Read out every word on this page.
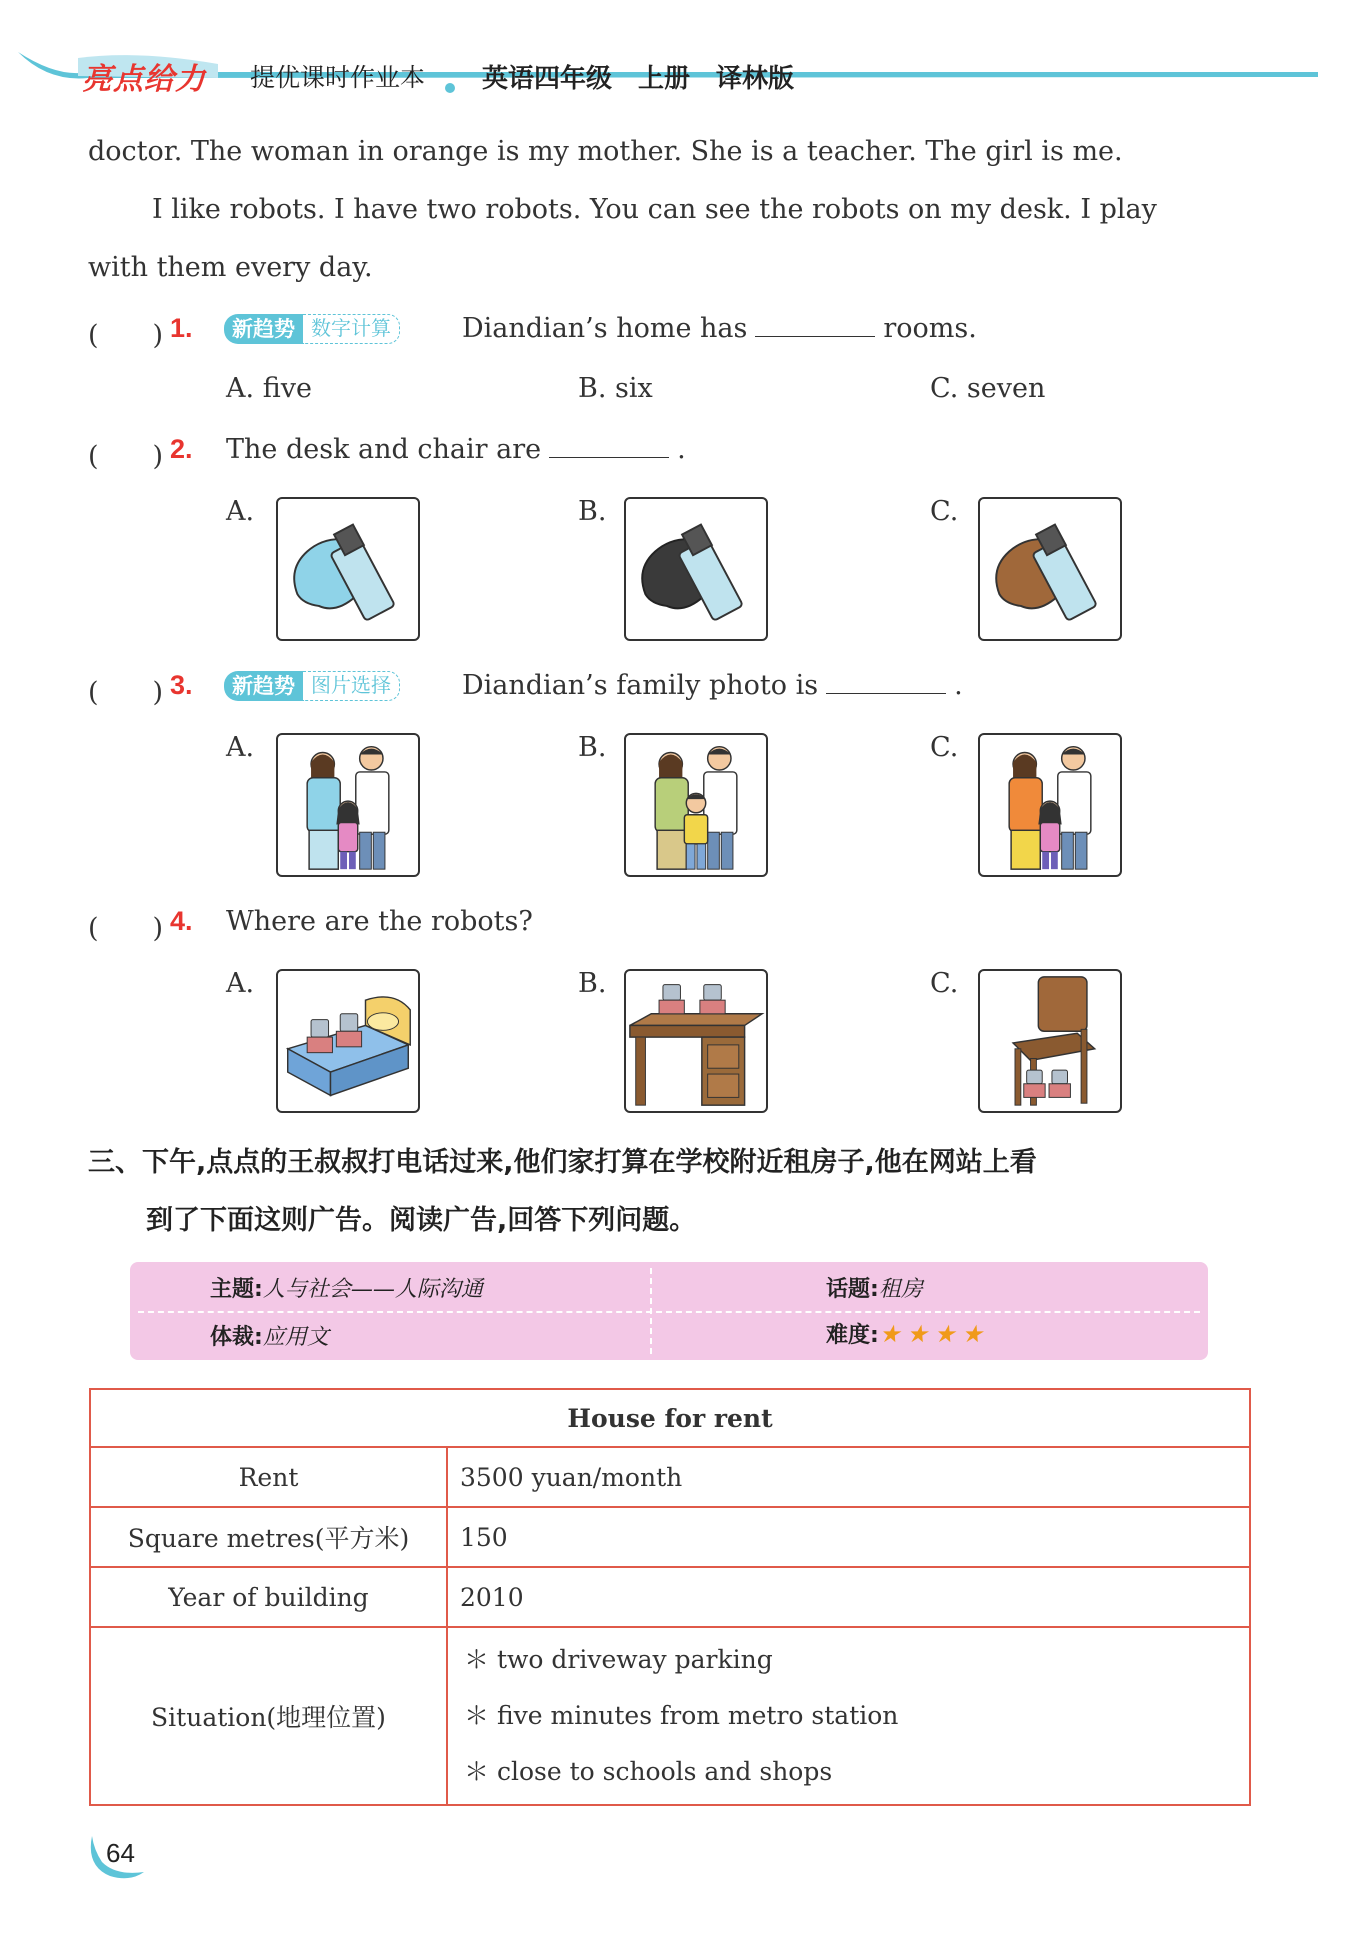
亮点给力 提优课时作业本 英语四年级　上册　译林版
doctor. The woman in orange is my mother. She is a teacher. The girl is me.
I like robots. I have two robots. You can see the robots on my desk. I play
with them every day.
(　　) 1.	新趋势 数字计算	Diandian’s home has	rooms.
A. five	B. six	C. seven
(　　) 2. The desk and chair are	.
A.	B.	C.
(　　) 3.	新趋势 图片选择	Diandian’s family photo is	.
A.	B.	C.
(　　) 4. Where are the robots?
A.	B.	C.
三、下午,点点的王叔叔打电话过来,他们家打算在学校附近租房子,他在网站上看
到了下面这则广告。阅读广告,回答下列问题。
主题:人与社会——人际沟通	话题:租房
体裁:应用文	难度:★ ★ ★ ★
House for rent	
Rent	3500 yuan/month
Square metres(平方米)	150
Year of building	2010
Situation(地理位置)	＊ two driveway parking
＊ five minutes from metro station
＊ close to schools and shops
64
